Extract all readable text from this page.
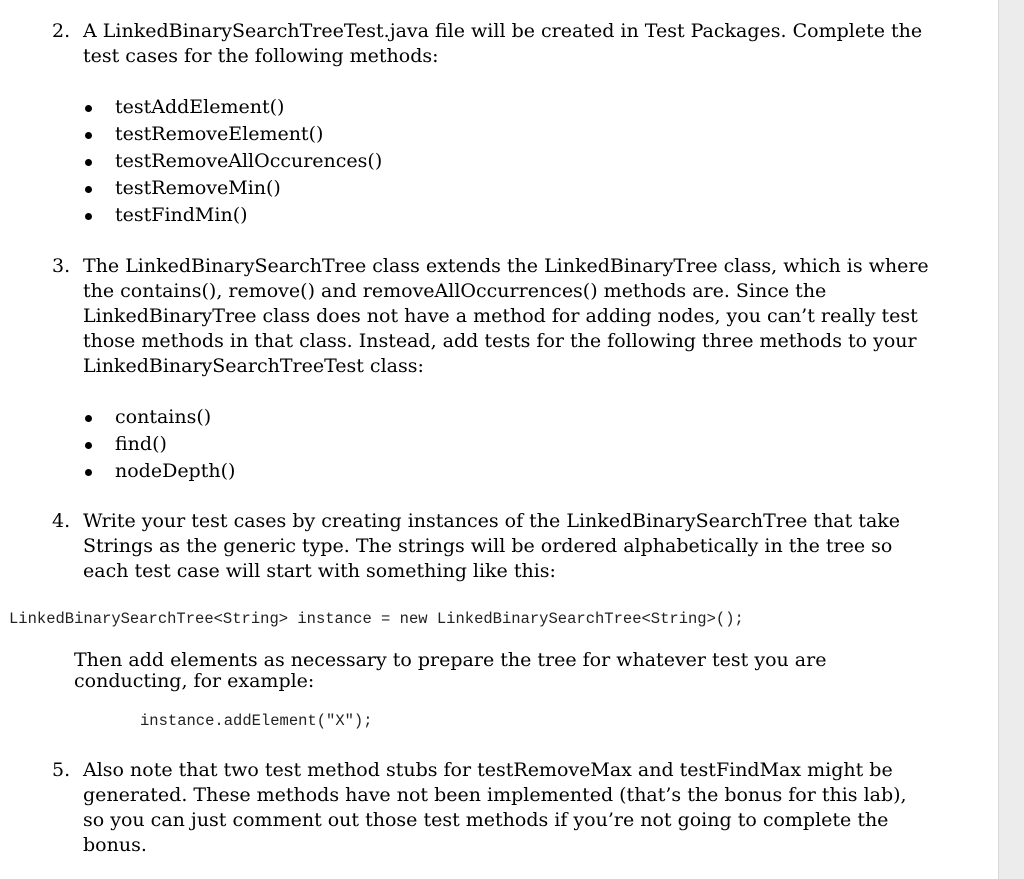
2. A LinkedBinarySearchTreeTest.java file will be created in Test Packages. Complete the
test cases for the following methods:
testAddElement()
testRemoveElement()
testRemoveAllOccurences()
testRemoveMin()
testFindMin()
3. The LinkedBinarySearchTree class extends the LinkedBinaryTree class, which is where
the contains(), remove() and removeAllOccurrences() methods are. Since the
LinkedBinaryTree class does not have a method for adding nodes, you can’t really test
those methods in that class. Instead, add tests for the following three methods to your
LinkedBinarySearchTreeTest class:
contains()
find()
nodeDepth()
4. Write your test cases by creating instances of the LinkedBinarySearchTree that take
Strings as the generic type. The strings will be ordered alphabetically in the tree so
each test case will start with something like this:
LinkedBinarySearchTree<String> instance = new LinkedBinarySearchTree<String>();
Then add elements as necessary to prepare the tree for whatever test you are
conducting, for example:
instance.addElement("X");
5. Also note that two test method stubs for testRemoveMax and testFindMax might be
generated. These methods have not been implemented (that’s the bonus for this lab),
so you can just comment out those test methods if you’re not going to complete the
bonus.
